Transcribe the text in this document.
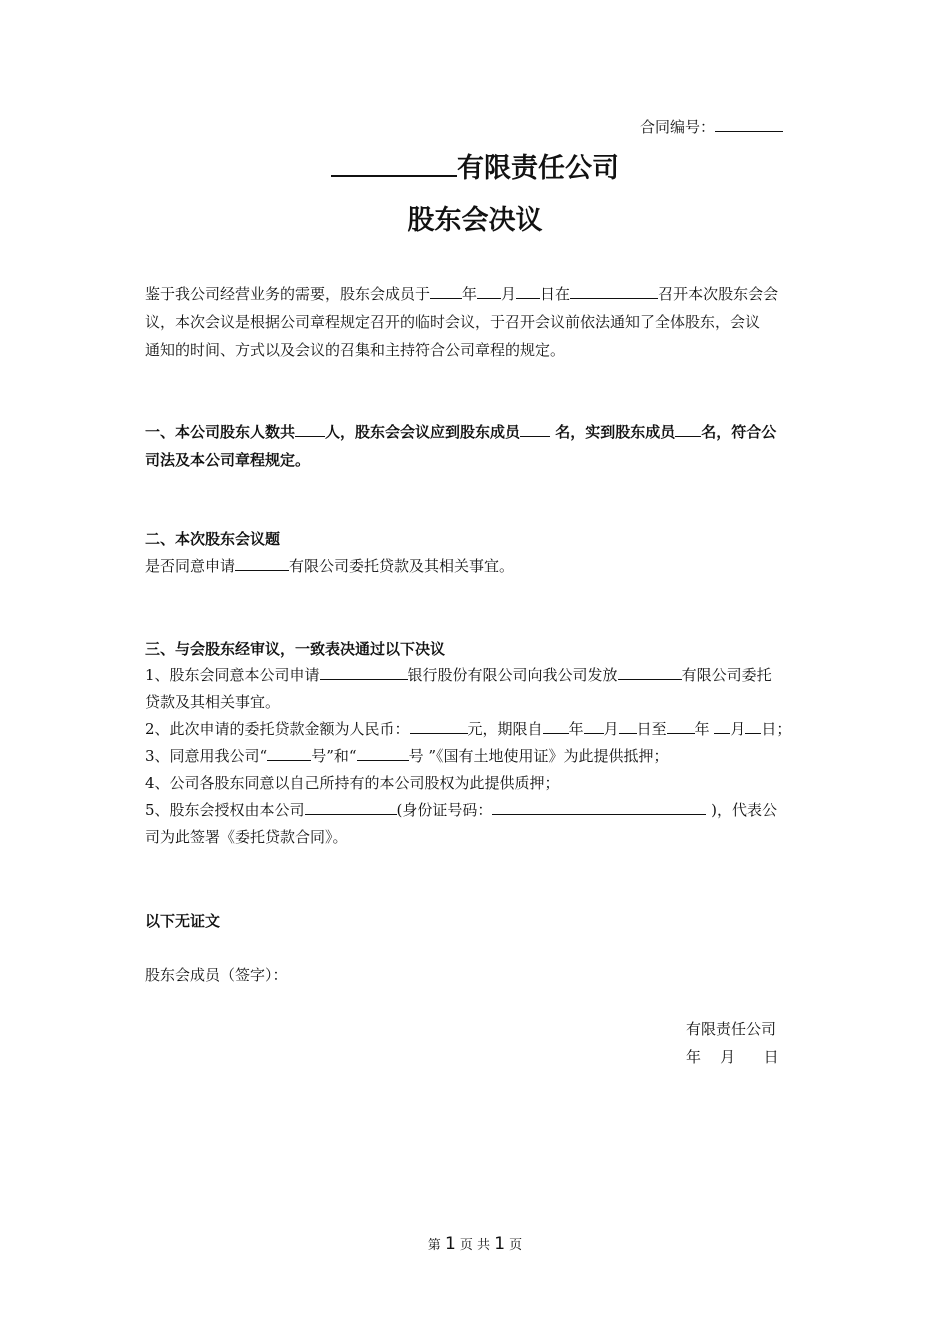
合同编号：
有限责任公司
股东会决议
鉴于我公司经营业务的需要，股东会成员于 年 月 日在	召开本次股东会会
议，本次会议是根据公司章程规定召开的临时会议，于召开会议前依法通知了全体股东，会议
通知的时间、方式以及会议的召集和主持符合公司章程的规定。
一、本公司股东人数共 人，股东会会议应到股东成员 名，实到股东成员 名，符合公
司法及本公司章程规定。
二、本次股东会议题
是否同意申请	有限公司委托贷款及其相关事宜。
三、与会股东经审议，一致表决通过以下决议
1、股东会同意本公司申请	银行股份有限公司向我公司发放	有限公司委托
贷款及其相关事宜。
2、此次申请的委托贷款金额为人民币：	元，期限自 年 月 日至 年 月 日；
3、同意用我公司“	号”和“	号 ”《国有土地使用证》为此提供抵押；
4、公司各股东同意以自己所持有的本公司股权为此提供质押；
5、股东会授权由本公司	(身份证号码：	)，代表公
司为此签署《委托贷款合同》。
以下无证文
股东会成员（签字）：
有限责任公司
年    月      日
第 1 页 共 1 页
